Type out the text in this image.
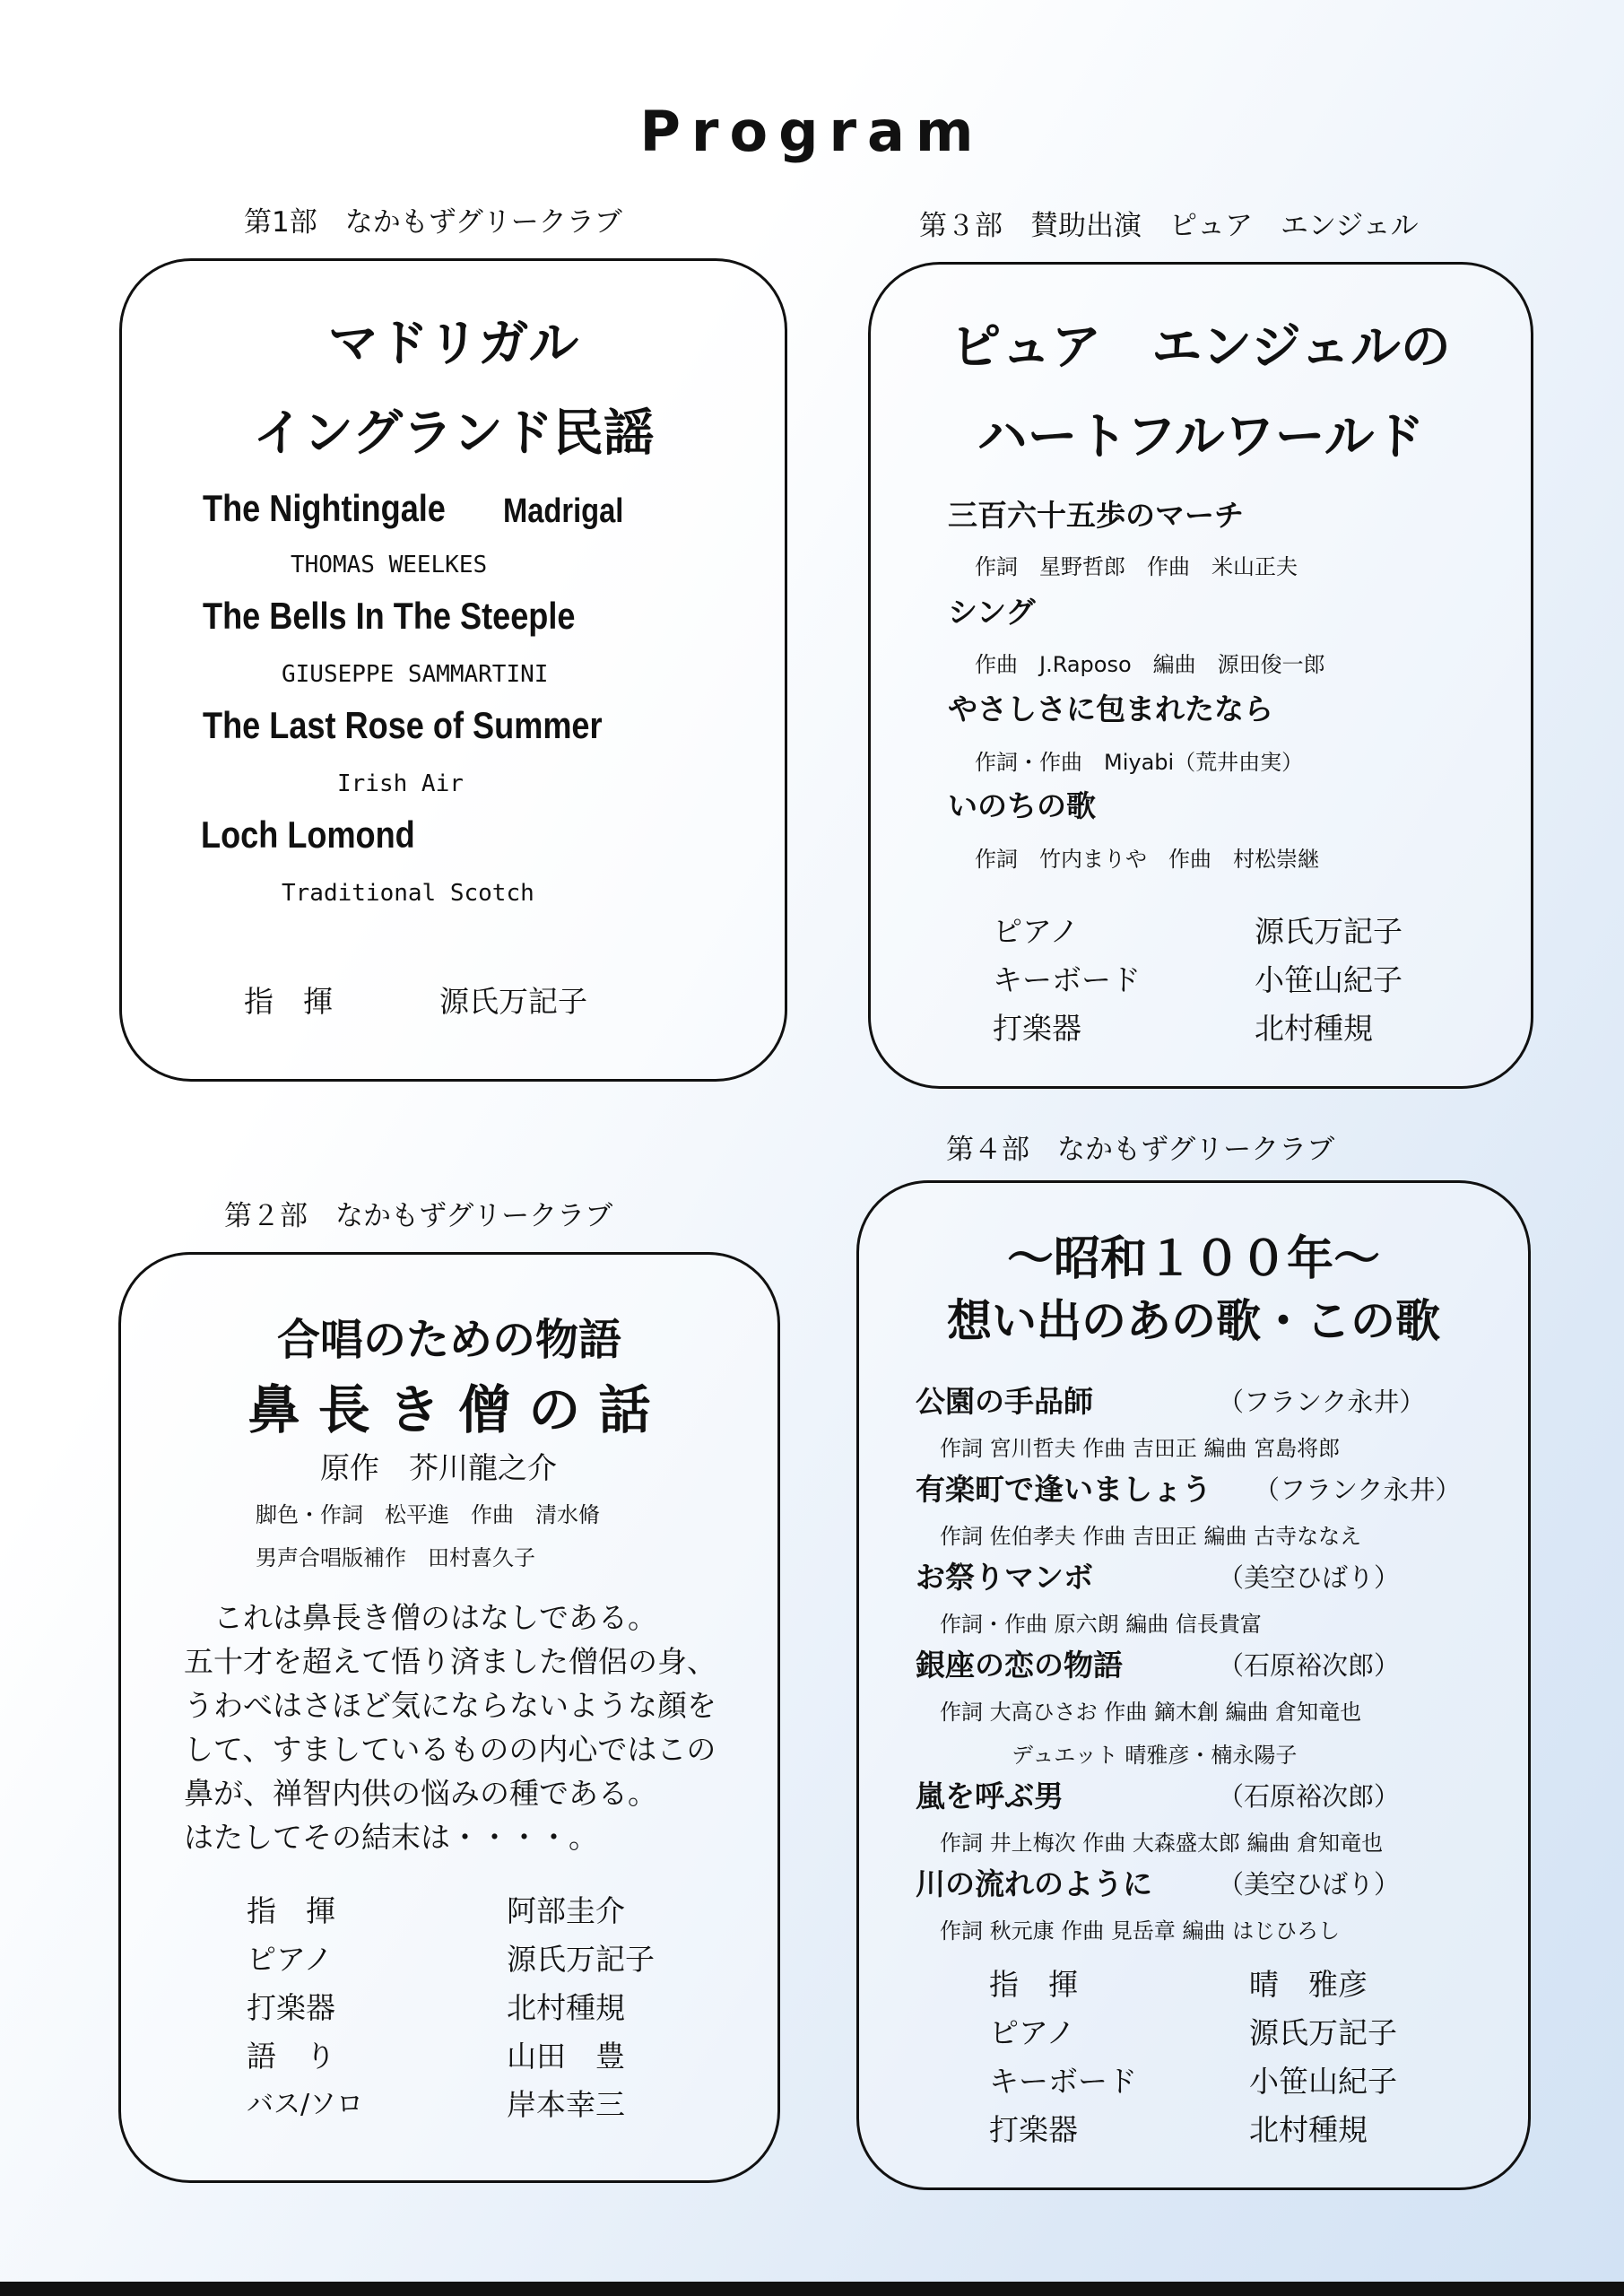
Program
第1部　なかもずグリークラブ
マドリガル
イングランド民謡
The Nightingale Madrigal
THOMAS WEELKES
The Bells In The Steeple
GIUSEPPE SAMMARTINI
The Last Rose of Summer
Irish Air
Loch Lomond
Traditional Scotch
指　揮	源氏万記子
第３部　賛助出演　ピュア　エンジェル
ピュア　エンジェルの
ハートフルワールド
三百六十五歩のマーチ
作詞　星野哲郎　作曲　米山正夫
シング
作曲　J.Raposo　編曲　源田俊一郎
やさしさに包まれたなら
作詞・作曲　Miyabi（荒井由実）
いのちの歌
作詞　竹内まりや　作曲　村松崇継
ピアノ	源氏万記子
キーボード	小笹山紀子
打楽器	北村種規
第２部　なかもずグリークラブ
合唱のための物語
鼻 長 き 僧 の 話
原作　芥川龍之介
脚色・作詞　松平進　作曲　清水脩
男声合唱版補作　田村喜久子
　これは鼻長き僧のはなしである。
五十才を超えて悟り済ました僧侶の身、
うわべはさほど気にならないような顔を
して、すましているものの内心ではこの
鼻が、禅智内供の悩みの種である。
はたしてその結末は・・・・。
指　揮	阿部圭介
ピアノ	源氏万記子
打楽器	北村種規
語　り	山田　豊
バス/ソロ	岸本幸三
第４部　なかもずグリークラブ
～昭和１００年～
想い出のあの歌・この歌
公園の手品師	（フランク永井）
作詞 宮川哲夫 作曲 吉田正 編曲 宮島将郎
有楽町で逢いましょう （フランク永井）
作詞 佐伯孝夫 作曲 吉田正 編曲 古寺ななえ
お祭りマンボ	（美空ひばり）
作詞・作曲 原六朗 編曲 信長貴富
銀座の恋の物語	（石原裕次郎）
作詞 大高ひさお 作曲 鏑木創 編曲 倉知竜也
デュエット 晴雅彦・楠永陽子
嵐を呼ぶ男	（石原裕次郎）
作詞 井上梅次 作曲 大森盛太郎 編曲 倉知竜也
川の流れのように	（美空ひばり）
作詞 秋元康 作曲 見岳章 編曲 はじひろし
指　揮	晴　雅彦
ピアノ	源氏万記子
キーボード	小笹山紀子
打楽器	北村種規
